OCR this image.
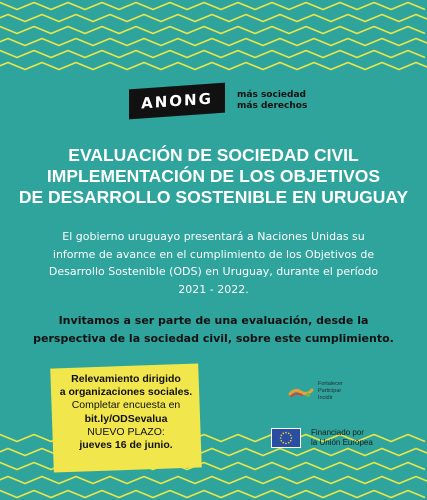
ANONG	más sociedad
más derechos
EVALUACIÓN DE SOCIEDAD CIVIL
IMPLEMENTACIÓN DE LOS OBJETIVOS
DE DESARROLLO SOSTENIBLE EN URUGUAY
El gobierno uruguayo presentará a Naciones Unidas su
informe de avance en el cumplimiento de los Objetivos de
Desarrollo Sostenible (ODS) en Uruguay, durante el período
2021 - 2022.
Invitamos a ser parte de una evaluación, desde la
perspectiva de la sociedad civil, sobre este cumplimiento.
Relevamiento dirigido
a organizaciones sociales.
Completar encuesta en
bit.ly/ODSevalua
NUEVO PLAZO:
jueves 16 de junio.
Fortalecer
Participar
Incidir
Financiado por
la Unión Europea
